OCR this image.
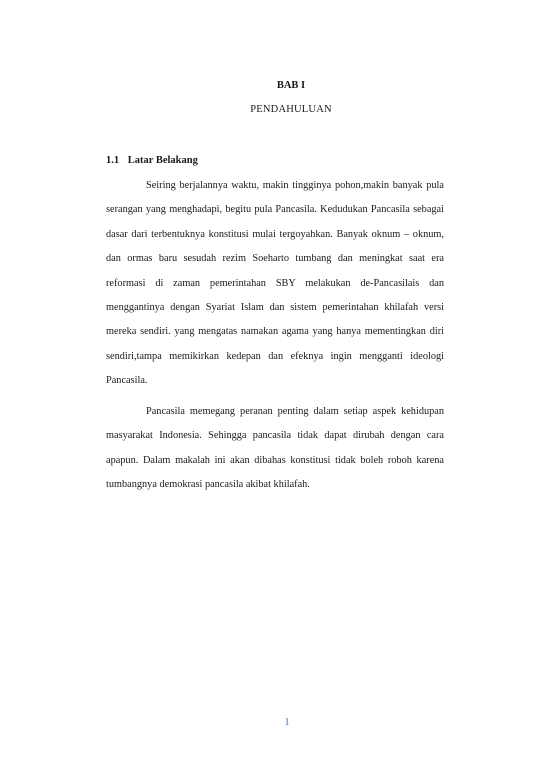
BAB I

PENDAHULUAN

1.1 Latar Belakang

Seiring berjalannya waktu, makin tingginya pohon,makin banyak pula serangan yang menghadapi, begitu pula Pancasila. Kedudukan Pancasila sebagai dasar dari terbentuknya konstitusi mulai tergoyahkan. Banyak oknum – oknum, dan ormas baru sesudah rezim Soeharto tumbang dan meningkat saat era reformasi di zaman pemerintahan SBY melakukan de-Pancasilais dan menggantinya dengan Syariat Islam dan sistem pemerintahan khilafah versi mereka sendiri. yang mengatas namakan agama yang hanya mementingkan diri sendiri,tampa memikirkan kedepan dan efeknya ingin mengganti ideologi Pancasila.

Pancasila memegang peranan penting dalam setiap aspek kehidupan masyarakat Indonesia. Sehingga pancasila tidak dapat dirubah dengan cara apapun. Dalam makalah ini akan dibahas konstitusi tidak boleh roboh karena tumbangnya demokrasi pancasila akibat khilafah.

1
